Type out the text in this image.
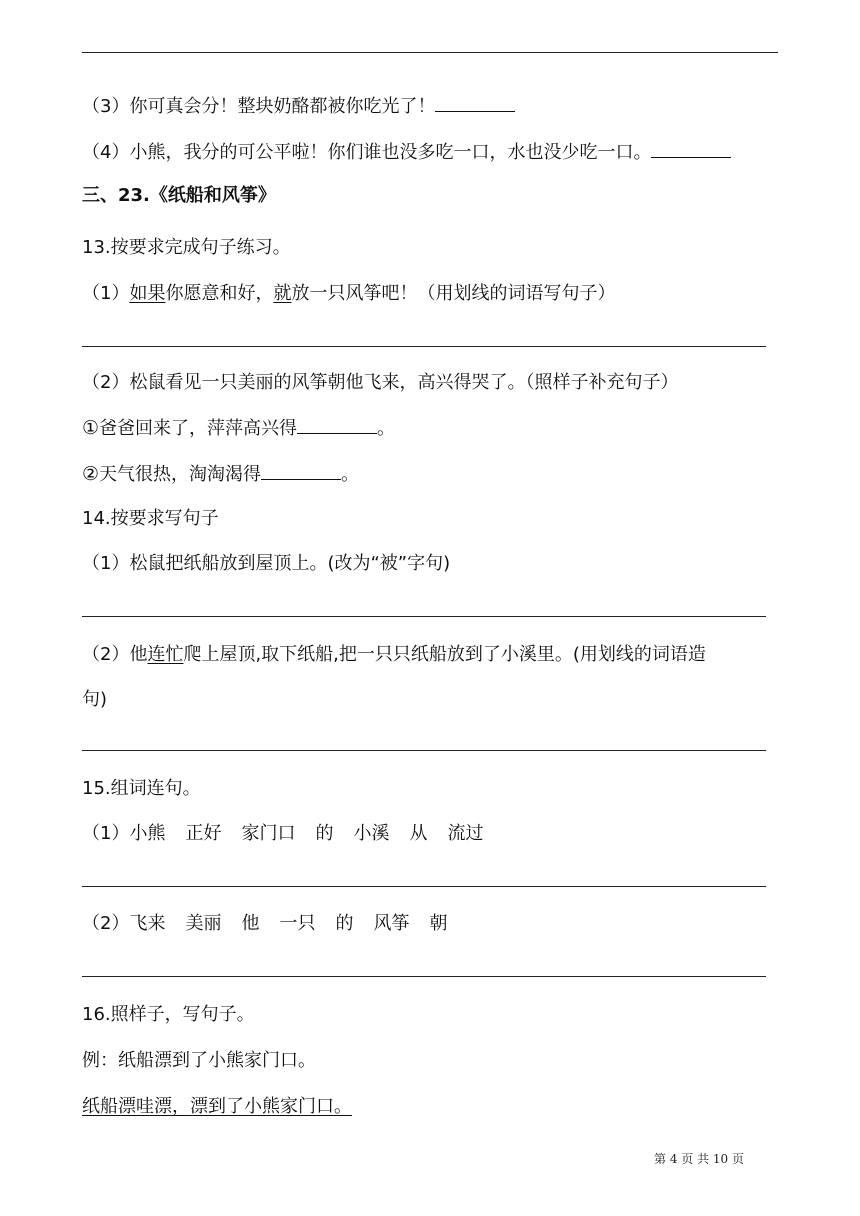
（3）你可真会分！整块奶酪都被你吃光了！
（4）小熊，我分的可公平啦！你们谁也没多吃一口，水也没少吃一口。
三、23.《纸船和风筝》
13.按要求完成句子练习。
（1）如果你愿意和好，就放一只风筝吧！（用划线的词语写句子）
（2）松鼠看见一只美丽的风筝朝他飞来，高兴得哭了。（照样子补充句子）
①爸爸回来了，萍萍高兴得	。
②天气很热，淘淘渴得	。
14.按要求写句子
（1）松鼠把纸船放到屋顶上。(改为“被”字句)
（2）他连忙爬上屋顶,取下纸船,把一只只纸船放到了小溪里。(用划线的词语造
句)
15.组词连句。
（1）小熊 正好 家门口 的 小溪 从 流过
（2）飞来 美丽 他 一只 的 风筝 朝
16.照样子，写句子。
例：纸船漂到了小熊家门口。
纸船漂哇漂，漂到了小熊家门口。
第 4 页 共 10 页
